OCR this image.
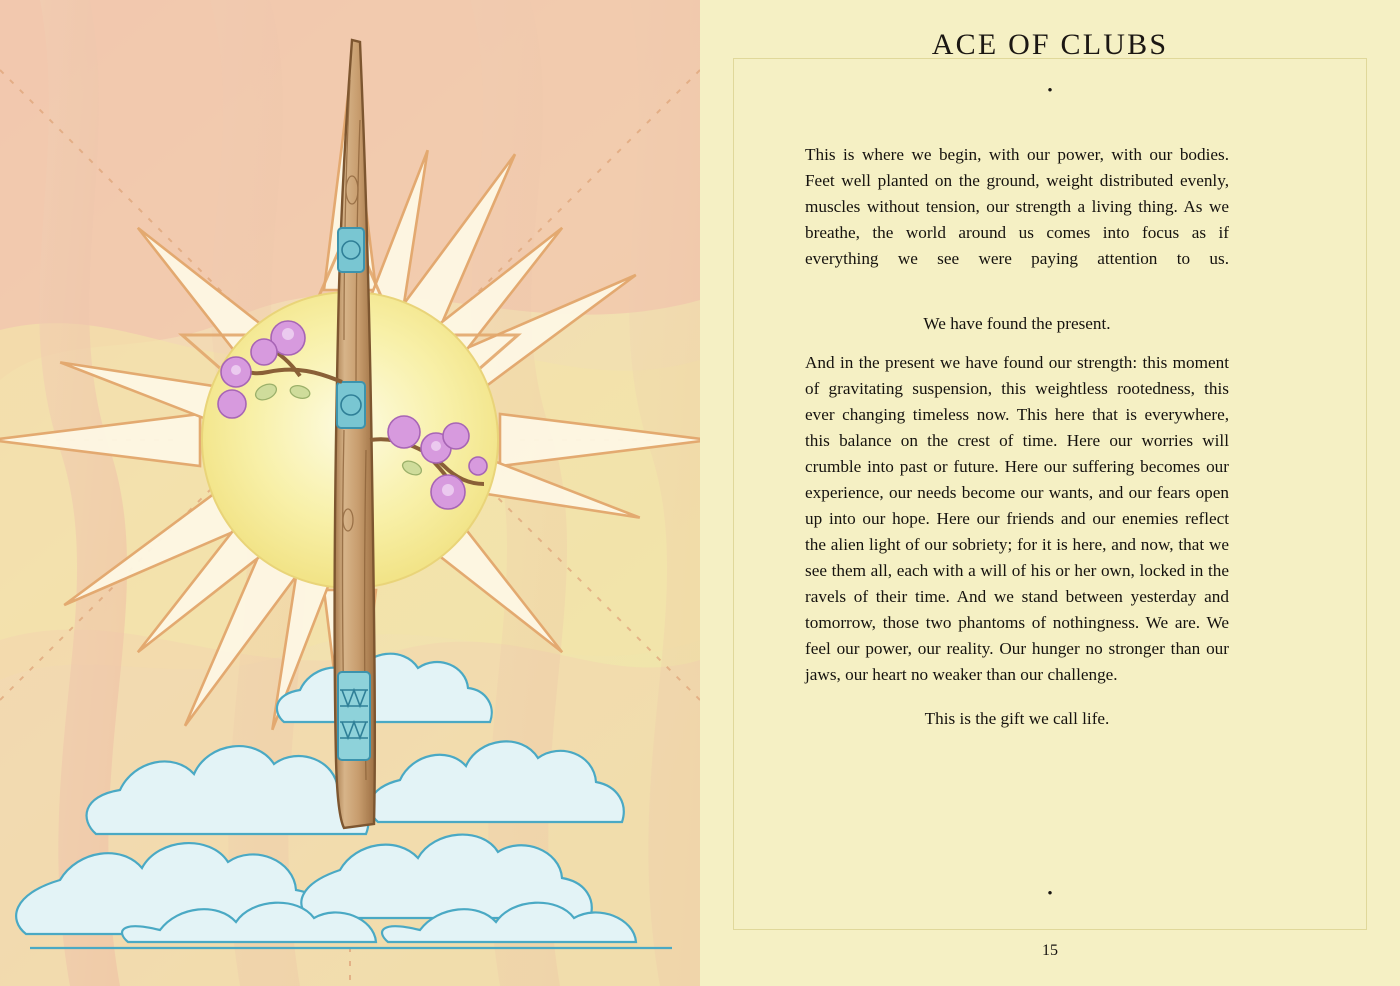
ACE OF CLUBS
•

This is where we begin, with our power, with our bodies. Feet well planted on the ground, weight distributed evenly, muscles without tension, our strength a living thing. As we breathe, the world around us comes into focus as if everything we see were paying attention to us.

We have found the present.

And in the present we have found our strength: this moment of gravitating suspension, this weightless rootedness, this ever changing timeless now. This here that is everywhere, this balance on the crest of time. Here our worries will crumble into past or future. Here our suffering becomes our experience, our needs become our wants, and our fears open up into our hope. Here our friends and our enemies reflect the alien light of our sobriety; for it is here, and now, that we see them all, each with a will of his or her own, locked in the ravels of their time. And we stand between yesterday and tomorrow, those two phantoms of nothingness. We are. We feel our power, our reality. Our hunger no stronger than our jaws, our heart no weaker than our challenge.

This is the gift we call life.

•
15
